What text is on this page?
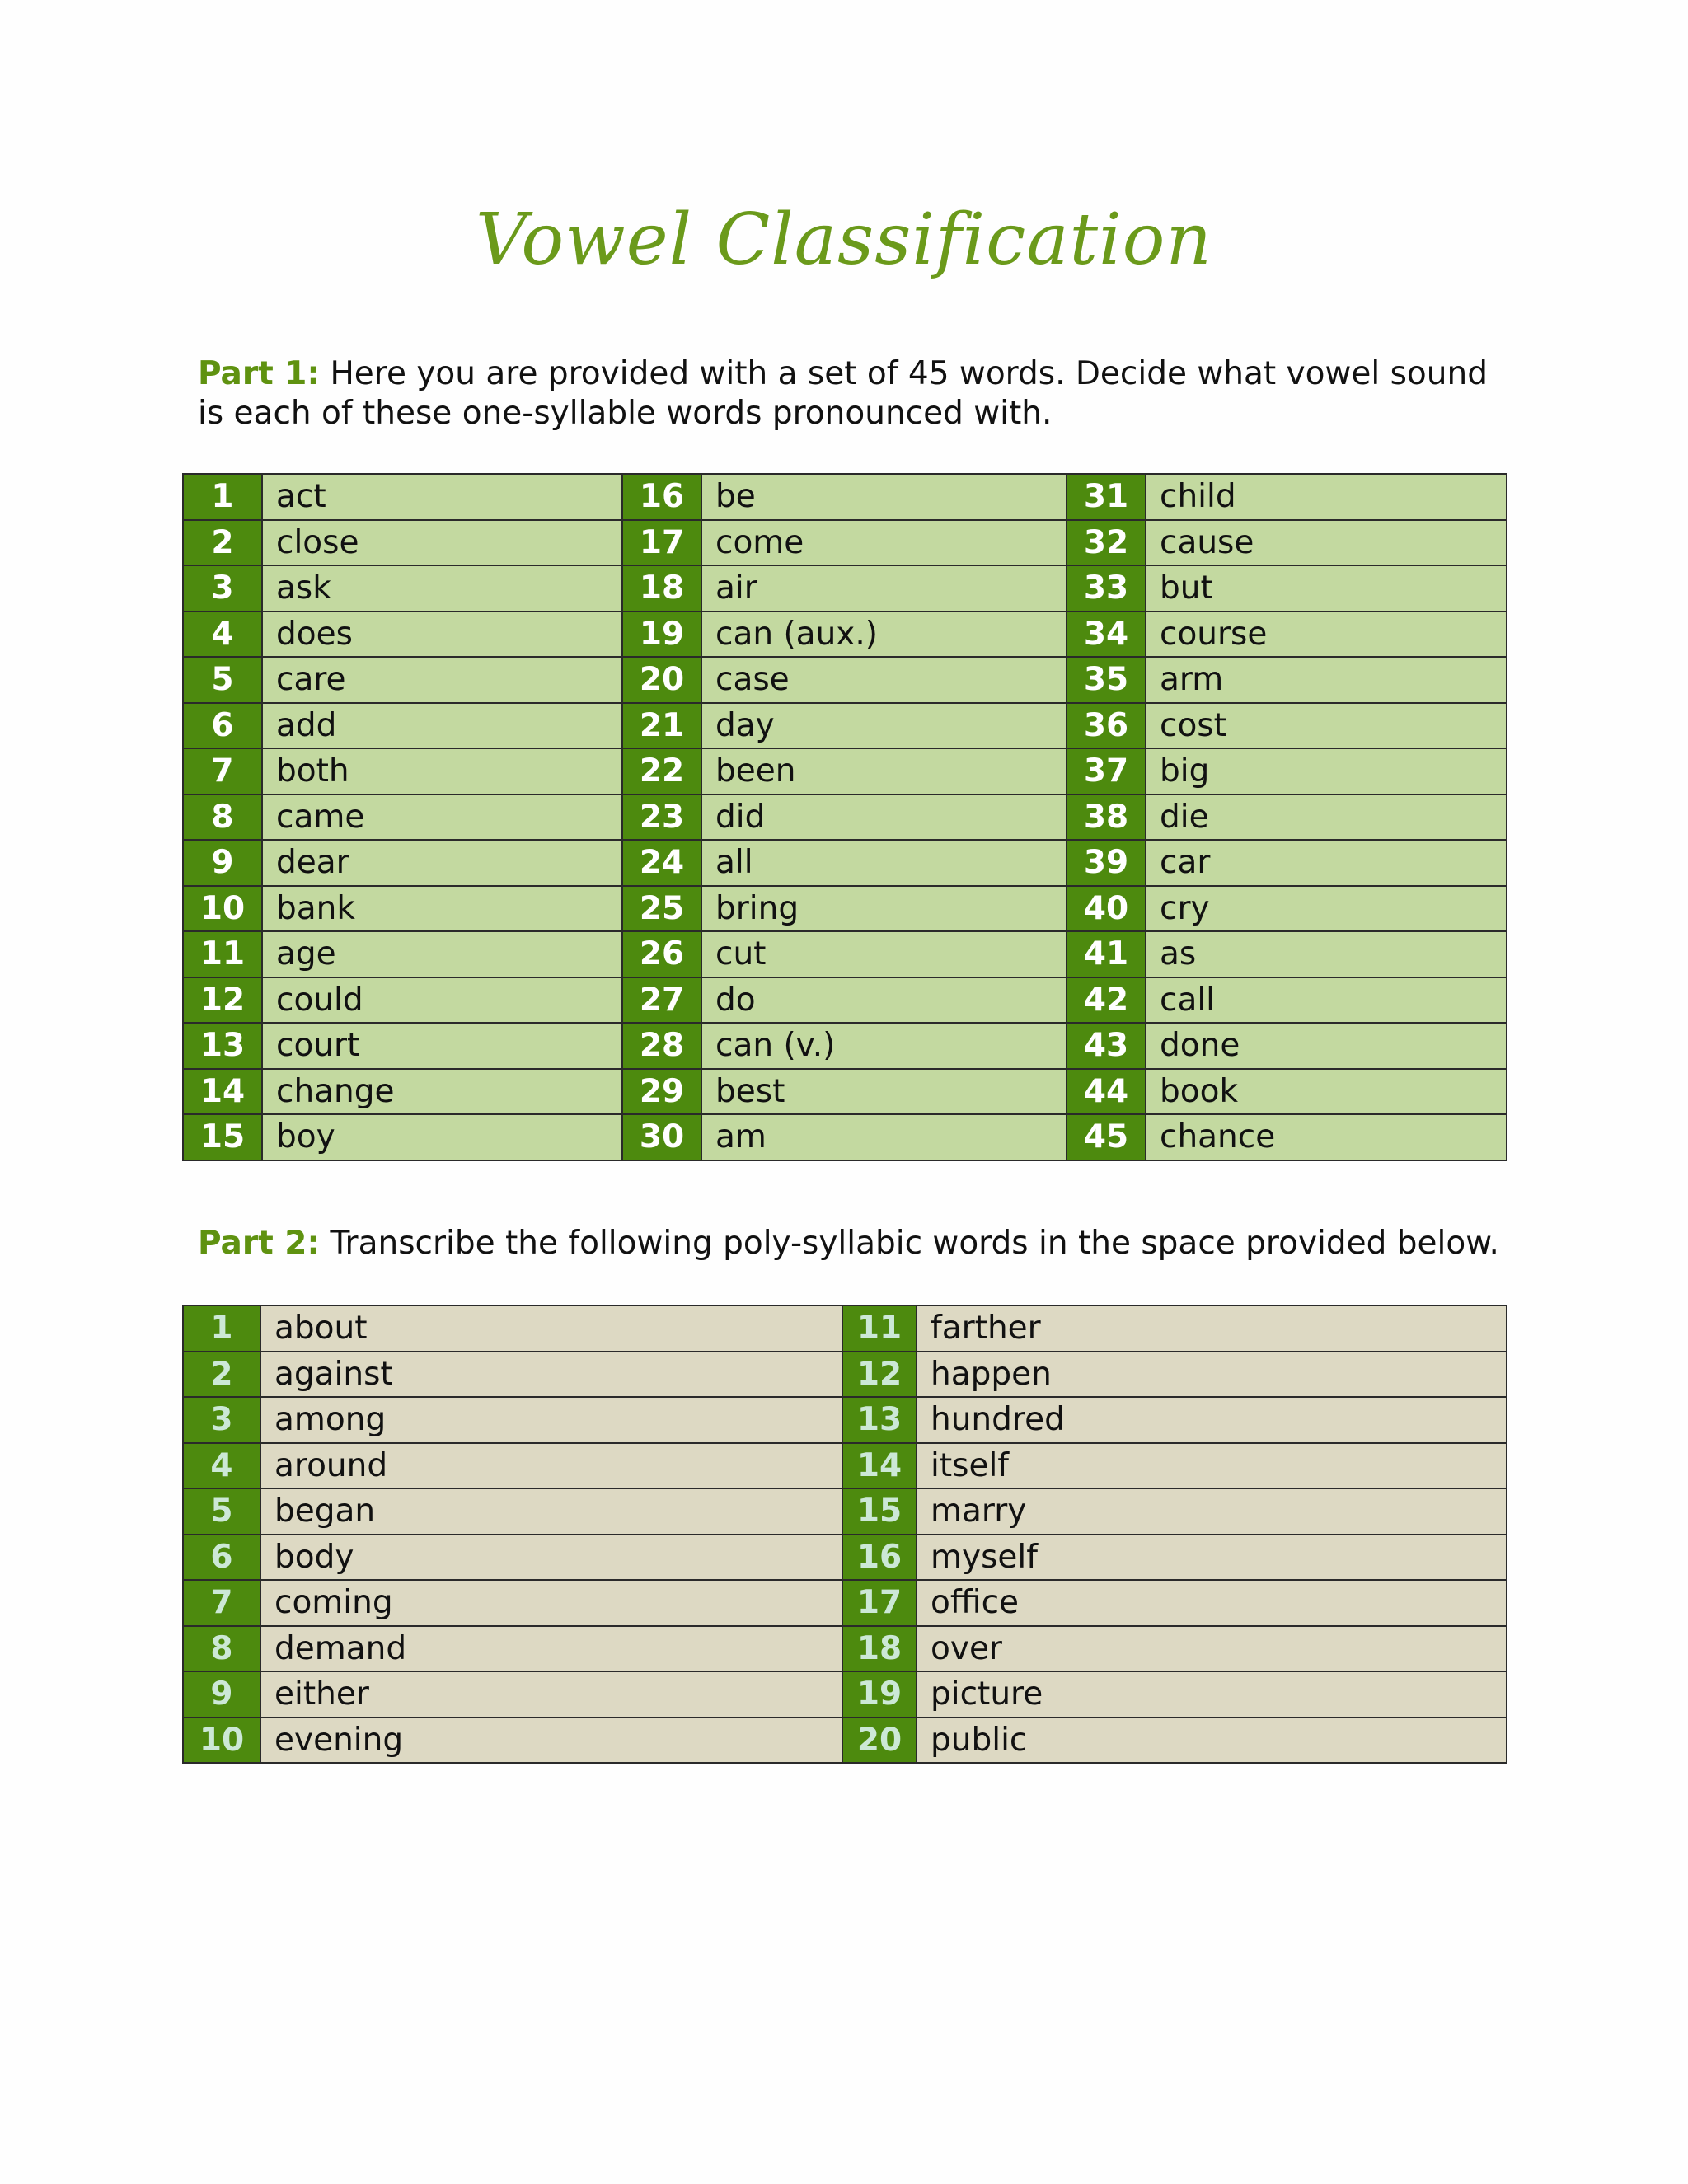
Vowel Classification
Part 1: Here you are provided with a set of 45 words. Decide what vowel sound is each of these one-syllable words pronounced with.
1	act	16	be	31	child
2	close	17	come	32	cause
3	ask	18	air	33	but
4	does	19	can (aux.)	34	course
5	care	20	case	35	arm
6	add	21	day	36	cost
7	both	22	been	37	big
8	came	23	did	38	die
9	dear	24	all	39	car
10	bank	25	bring	40	cry
11	age	26	cut	41	as
12	could	27	do	42	call
13	court	28	can (v.)	43	done
14	change	29	best	44	book
15	boy	30	am	45	chance
Part 2: Transcribe the following poly-syllabic words in the space provided below.
1	about	11	farther
2	against	12	happen
3	among	13	hundred
4	around	14	itself
5	began	15	marry
6	body	16	myself
7	coming	17	office
8	demand	18	over
9	either	19	picture
10	evening	20	public
